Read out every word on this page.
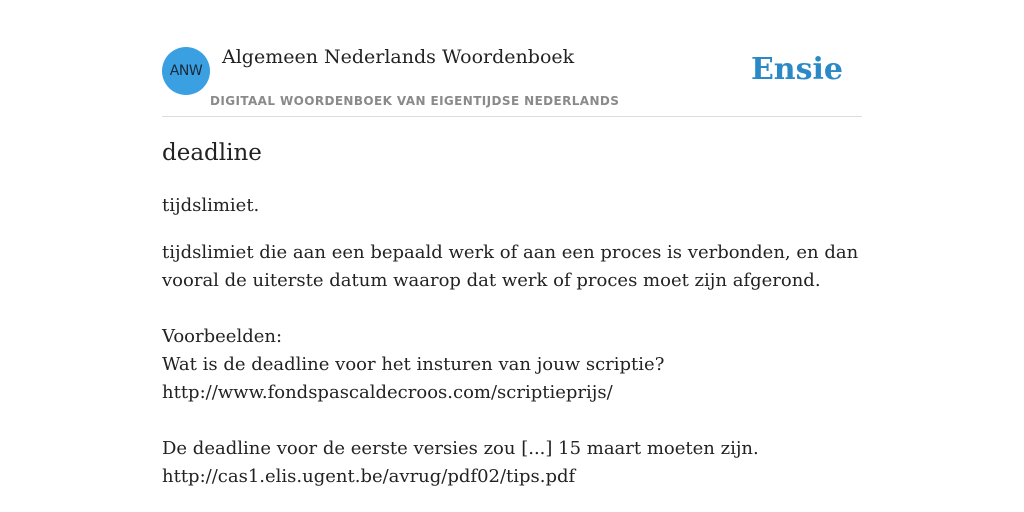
ANW
Algemeen Nederlands Woordenboek
DIGITAAL WOORDENBOEK VAN EIGENTIJDSE NEDERLANDS
Ensie
deadline
tijdslimiet.

tijdslimiet die aan een bepaald werk of aan een proces is verbonden, en dan

vooral de uiterste datum waarop dat werk of proces moet zijn afgerond.

Voorbeelden:

Wat is de deadline voor het insturen van jouw scriptie?

http://www.fondspascaldecroos.com/scriptieprijs/

De deadline voor de eerste versies zou [...] 15 maart moeten zijn.

http://cas1.elis.ugent.be/avrug/pdf02/tips.pdf
